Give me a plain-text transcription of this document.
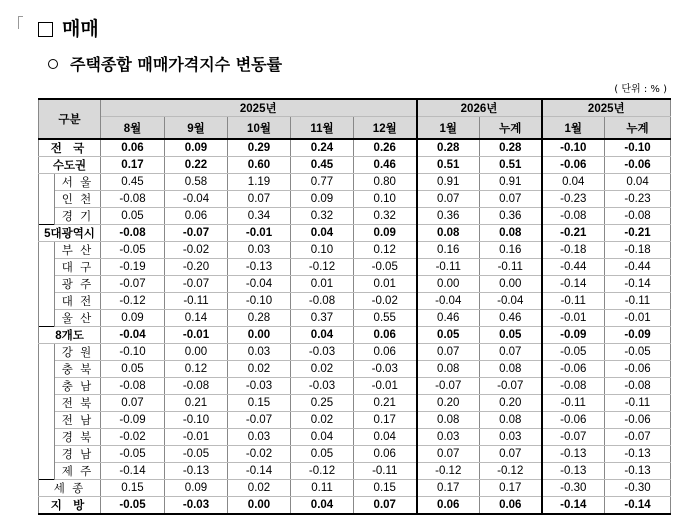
매매
주택종합 매매가격지수 변동률
( 단위 : % )
구분		2025년					2026년		2025년	
		8월	9월	10월	11월	12월	1월	누계	1월	누계
전 국		0.06	0.09	0.29	0.24	0.26	0.28	0.28	-0.10	-0.10
수도권		0.17	0.22	0.60	0.45	0.46	0.51	0.51	-0.06	-0.06
	서 울	0.45	0.58	1.19	0.77	0.80	0.91	0.91	0.04	0.04
	인 천	-0.08	-0.04	0.07	0.09	0.10	0.07	0.07	-0.23	-0.23
	경 기	0.05	0.06	0.34	0.32	0.32	0.36	0.36	-0.08	-0.08
5대광역시		-0.08	-0.07	-0.01	0.04	0.09	0.08	0.08	-0.21	-0.21
	부 산	-0.05	-0.02	0.03	0.10	0.12	0.16	0.16	-0.18	-0.18
	대 구	-0.19	-0.20	-0.13	-0.12	-0.05	-0.11	-0.11	-0.44	-0.44
	광 주	-0.07	-0.07	-0.04	0.01	0.01	0.00	0.00	-0.14	-0.14
	대 전	-0.12	-0.11	-0.10	-0.08	-0.02	-0.04	-0.04	-0.11	-0.11
	울 산	0.09	0.14	0.28	0.37	0.55	0.46	0.46	-0.01	-0.01
8개도		-0.04	-0.01	0.00	0.04	0.06	0.05	0.05	-0.09	-0.09
	강 원	-0.10	0.00	0.03	-0.03	0.06	0.07	0.07	-0.05	-0.05
	충 북	0.05	0.12	0.02	0.02	-0.03	0.08	0.08	-0.06	-0.06
	충 남	-0.08	-0.08	-0.03	-0.03	-0.01	-0.07	-0.07	-0.08	-0.08
	전 북	0.07	0.21	0.15	0.25	0.21	0.20	0.20	-0.11	-0.11
	전 남	-0.09	-0.10	-0.07	0.02	0.17	0.08	0.08	-0.06	-0.06
	경 북	-0.02	-0.01	0.03	0.04	0.04	0.03	0.03	-0.07	-0.07
	경 남	-0.05	-0.05	-0.02	0.05	0.06	0.07	0.07	-0.13	-0.13
	제 주	-0.14	-0.13	-0.14	-0.12	-0.11	-0.12	-0.12	-0.13	-0.13
세 종		0.15	0.09	0.02	0.11	0.15	0.17	0.17	-0.30	-0.30
지 방		-0.05	-0.03	0.00	0.04	0.07	0.06	0.06	-0.14	-0.14
